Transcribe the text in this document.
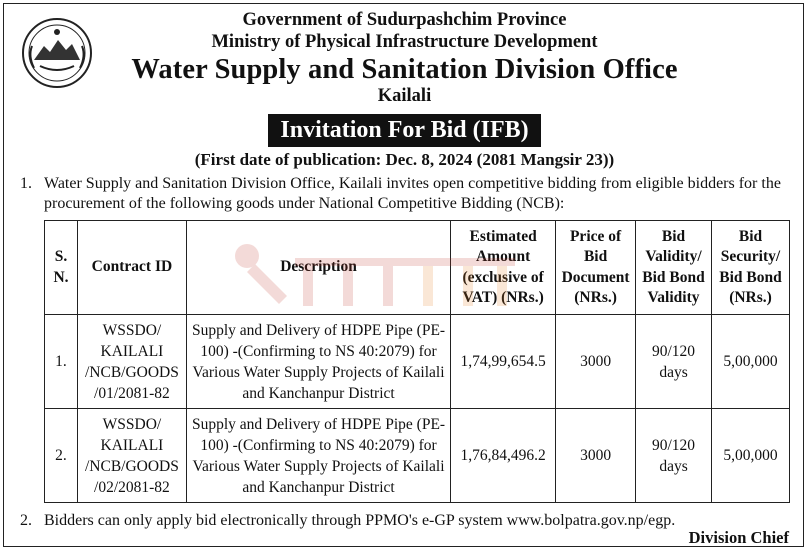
Government of Sudurpashchim Province
Ministry of Physical Infrastructure Development
Water Supply and Sanitation Division Office
Kailali
Invitation For Bid (IFB)
(First date of publication: Dec. 8, 2024 (2081 Mangsir 23))
1. Water Supply and Sanitation Division Office, Kailali invites open competitive bidding from eligible bidders for the procurement of the following goods under National Competitive Bidding (NCB):
S. N.	Contract ID	Description	Estimated Amount (exclusive of VAT) (NRs.)	Price of Bid Document (NRs.)	Bid Validity/ Bid Bond Validity	Bid Security/ Bid Bond (NRs.)
1.	WSSDO/ KAILALI /NCB/GOODS /01/2081-82	Supply and Delivery of HDPE Pipe (PE- 100) -(Confirming to NS 40:2079) for Various Water Supply Projects of Kailali and Kanchanpur District	1,74,99,654.5	3000	90/120 days	5,00,000
2.	WSSDO/ KAILALI /NCB/GOODS /02/2081-82	Supply and Delivery of HDPE Pipe (PE- 100) -(Confirming to NS 40:2079) for Various Water Supply Projects of Kailali and Kanchanpur District	1,76,84,496.2	3000	90/120 days	5,00,000
2. Bidders can only apply bid electronically through PPMO's e-GP system www.bolpatra.gov.np/egp.
Division Chief
